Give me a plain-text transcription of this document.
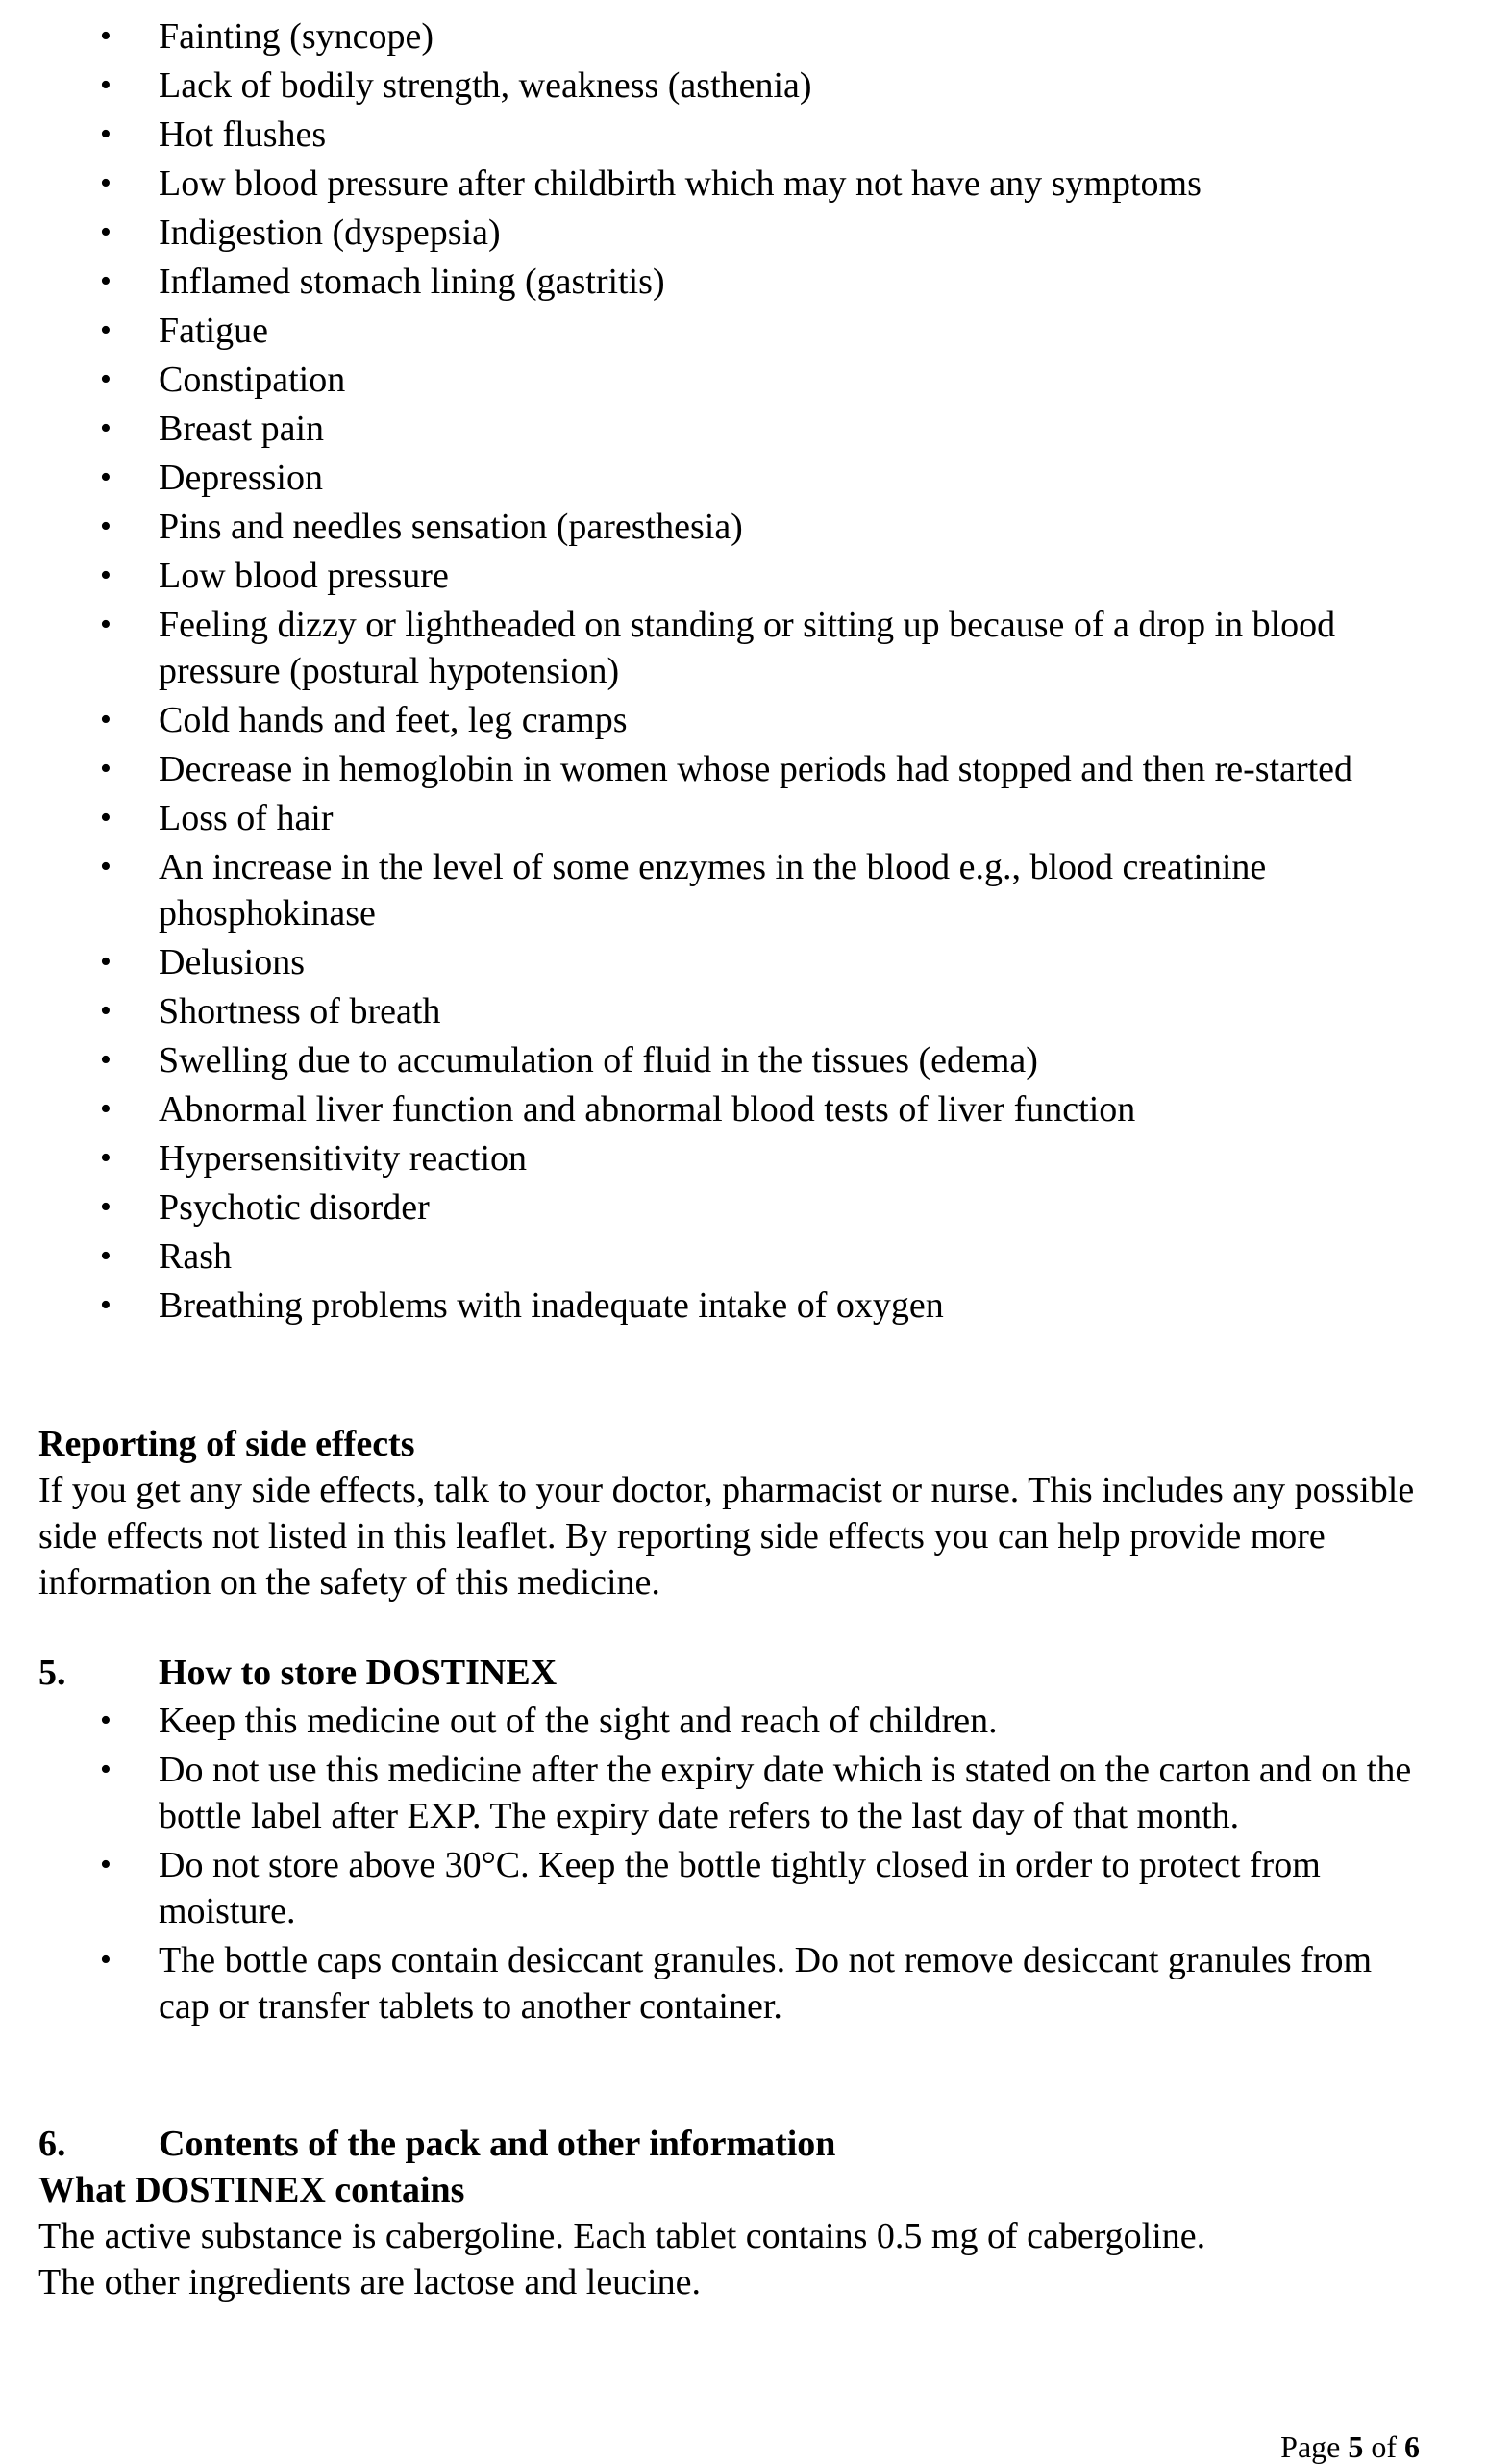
• Fainting (syncope)
• Lack of bodily strength, weakness (asthenia)
• Hot flushes
• Low blood pressure after childbirth which may not have any symptoms
• Indigestion (dyspepsia)
• Inflamed stomach lining (gastritis)
• Fatigue
• Constipation
• Breast pain
• Depression
• Pins and needles sensation (paresthesia)
• Low blood pressure
• Feeling dizzy or lightheaded on standing or sitting up because of a drop in blood pressure (postural hypotension)
• Cold hands and feet, leg cramps
• Decrease in hemoglobin in women whose periods had stopped and then re-started
• Loss of hair
• An increase in the level of some enzymes in the blood e.g., blood creatinine phosphokinase
• Delusions
• Shortness of breath
• Swelling due to accumulation of fluid in the tissues (edema)
• Abnormal liver function and abnormal blood tests of liver function
• Hypersensitivity reaction
• Psychotic disorder
• Rash
• Breathing problems with inadequate intake of oxygen
Reporting of side effects

If you get any side effects, talk to your doctor, pharmacist or nurse. This includes any possible side effects not listed in this leaflet. By reporting side effects you can help provide more information on the safety of this medicine.

5.	How to store DOSTINEX
• Keep this medicine out of the sight and reach of children.
• Do not use this medicine after the expiry date which is stated on the carton and on the bottle label after EXP. The expiry date refers to the last day of that month.
• Do not store above 30°C. Keep the bottle tightly closed in order to protect from moisture.
• The bottle caps contain desiccant granules. Do not remove desiccant granules from cap or transfer tablets to another container.
6.	Contents of the pack and other information
What DOSTINEX contains

The active substance is cabergoline. Each tablet contains 0.5 mg of cabergoline.

The other ingredients are lactose and leucine.

Page 5 of 6
